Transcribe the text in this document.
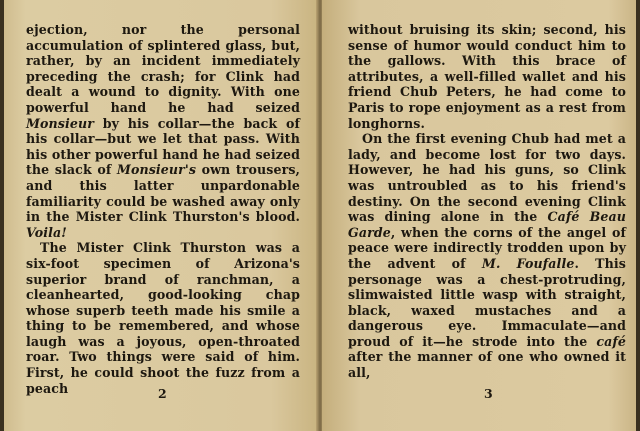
ejection, nor the personal accumulation of splintered glass, but, rather, by an incident immediately preceding the crash; for Clink had dealt a wound to dignity. With one powerful hand he had seized Monsieur by his collar—the back of his collar—but we let that pass. With his other powerful hand he had seized the slack of Monsieur's own trousers, and this latter unpardonable familiarity could be washed away only in the Mister Clink Thurston's blood. Voila!

The Mister Clink Thurston was a six-foot specimen of Arizona's superior brand of ranchman, a cleanhearted, good-looking chap whose superb teeth made his smile a thing to be remembered, and whose laugh was a joyous, open-throated roar. Two things were said of him. First, he could shoot the fuzz from a peach	2

without bruising its skin; second, his sense of humor would conduct him to the gallows. With this brace of attributes, a well-filled wallet and his friend Chub Peters, he had come to Paris to rope enjoyment as a rest from longhorns.

On the first evening Chub had met a lady, and become lost for two days. However, he had his guns, so Clink was untroubled as to his friend's destiny. On the second evening Clink was dining alone in the Café Beau Garde, when the corns of the angel of peace were indirectly trodden upon by the advent of M. Foufalle. This personage was a chest-protruding, slimwaisted little wasp with straight, black, waxed mustaches and a dangerous eye. Immaculate—and proud of it—he strode into the café after the manner of one who owned it all,

3
